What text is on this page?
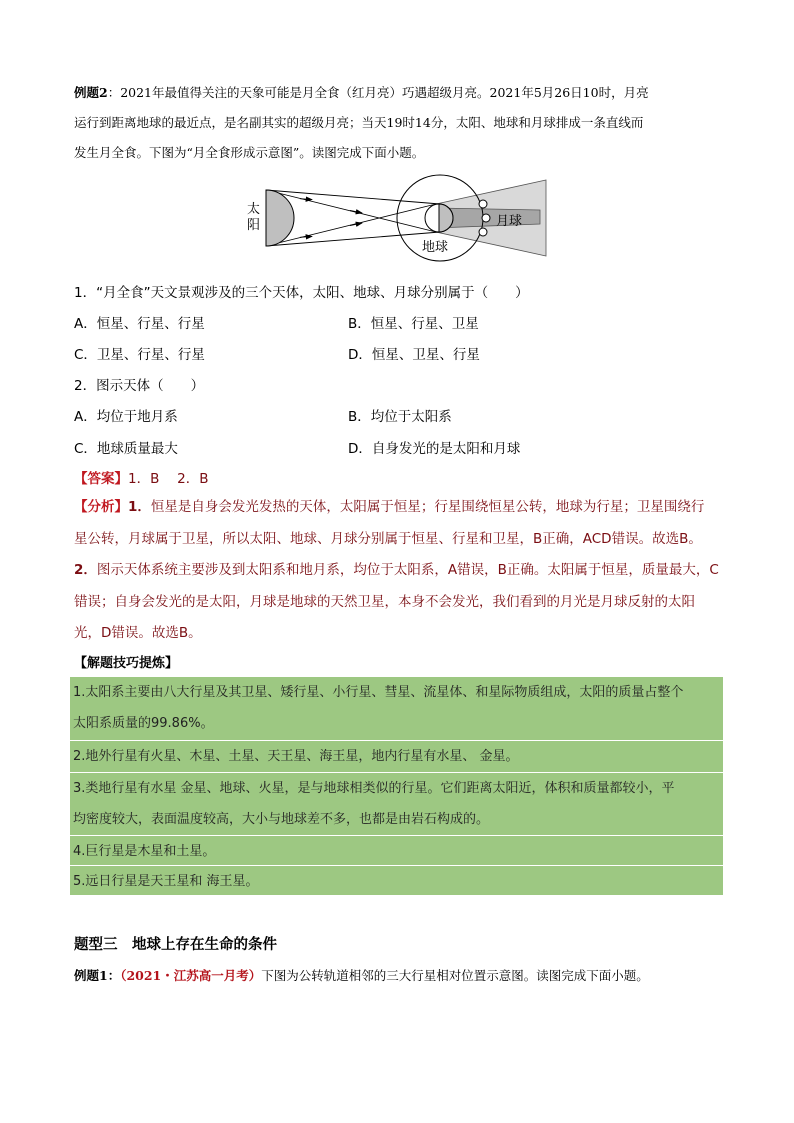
例题2：2021年最值得关注的天象可能是月全食（红月亮）巧遇超级月亮。2021年5月26日10时，月亮
运行到距离地球的最近点，是名副其实的超级月亮；当天19时14分，太阳、地球和月球排成一条直线而
发生月全食。下图为“月全食形成示意图”。读图完成下面小题。
太阳
地球
月球
1．“月全食”天文景观涉及的三个天体，太阳、地球、月球分别属于（　　）
A．恒星、行星、行星	B．恒星、行星、卫星
C．卫星、行星、行星	D．恒星、卫星、行星
2．图示天体（　　）
A．均位于地月系	B．均位于太阳系
C．地球质量最大	D．自身发光的是太阳和月球
【答案】1．B　 2．B
【分析】1．恒星是自身会发光发热的天体，太阳属于恒星；行星围绕恒星公转，地球为行星；卫星围绕行
星公转，月球属于卫星，所以太阳、地球、月球分别属于恒星、行星和卫星，B正确，ACD错误。故选B。
2．图示天体系统主要涉及到太阳系和地月系，均位于太阳系，A错误，B正确。太阳属于恒星，质量最大，C
错误；自身会发光的是太阳，月球是地球的天然卫星，本身不会发光，我们看到的月光是月球反射的太阳
光，D错误。故选B。
【解题技巧提炼】
1.太阳系主要由八大行星及其卫星、矮行星、小行星、彗星、流星体、和星际物质组成，太阳的质量占整个
太阳系质量的99.86%。
2.地外行星有火星、木星、土星、天王星、海王星，地内行星有水星、 金星。
3.类地行星有水星 金星、地球、火星，是与地球相类似的行星。它们距离太阳近，体积和质量都较小，平
均密度较大，表面温度较高，大小与地球差不多，也都是由岩石构成的。
4.巨行星是木星和土星。
5.远日行星是天王星和 海王星。
题型三　地球上存在生命的条件
例题1：（2021・江苏高一月考）下图为公转轨道相邻的三大行星相对位置示意图。读图完成下面小题。
